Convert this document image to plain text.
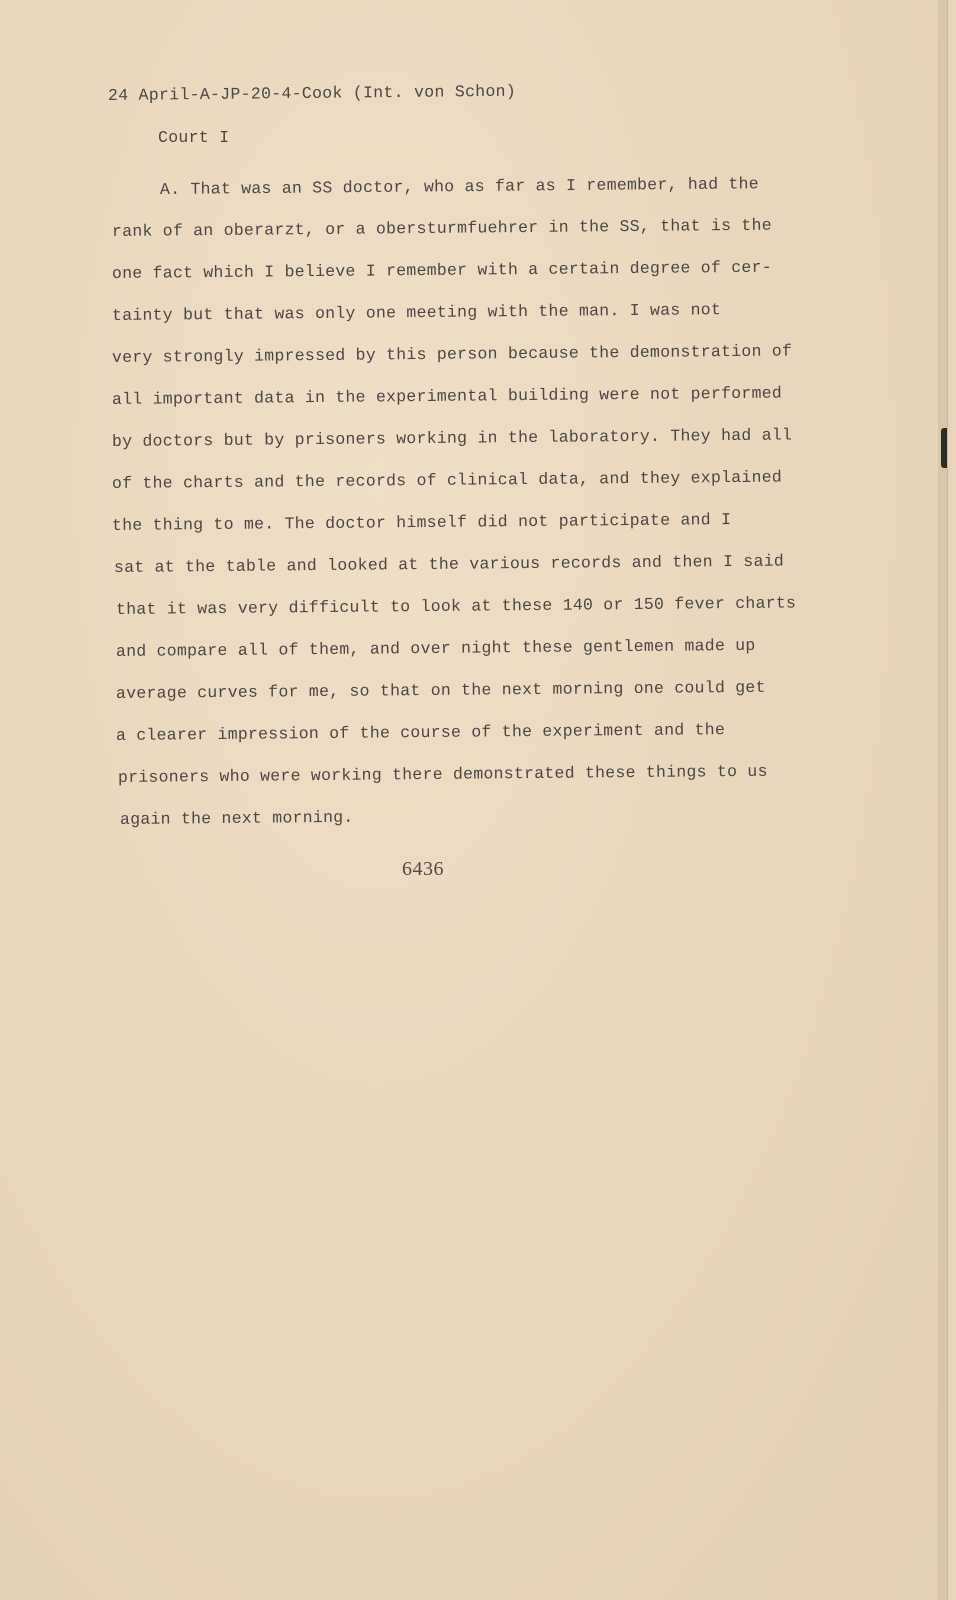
24 April-A-JP-20-4-Cook (Int. von Schon)
Court I
A. That was an SS doctor, who as far as I remember, had the
rank of an oberarzt, or a obersturmfuehrer in the SS, that is the
one fact which I believe I remember with a certain degree of cer-
tainty but that was only one meeting with the man. I was not
very strongly impressed by this person because the demonstration of
all important data in the experimental building were not performed
by doctors but by prisoners working in the laboratory. They had all
of the charts and the records of clinical data, and they explained
the thing to me. The doctor himself did not participate and I
sat at the table and looked at the various records and then I said
that it was very difficult to look at these 140 or 150 fever charts
and compare all of them, and over night these gentlemen made up
average curves for me, so that on the next morning one could get
a clearer impression of the course of the experiment and the
prisoners who were working there demonstrated these things to us
again the next morning.
6436
